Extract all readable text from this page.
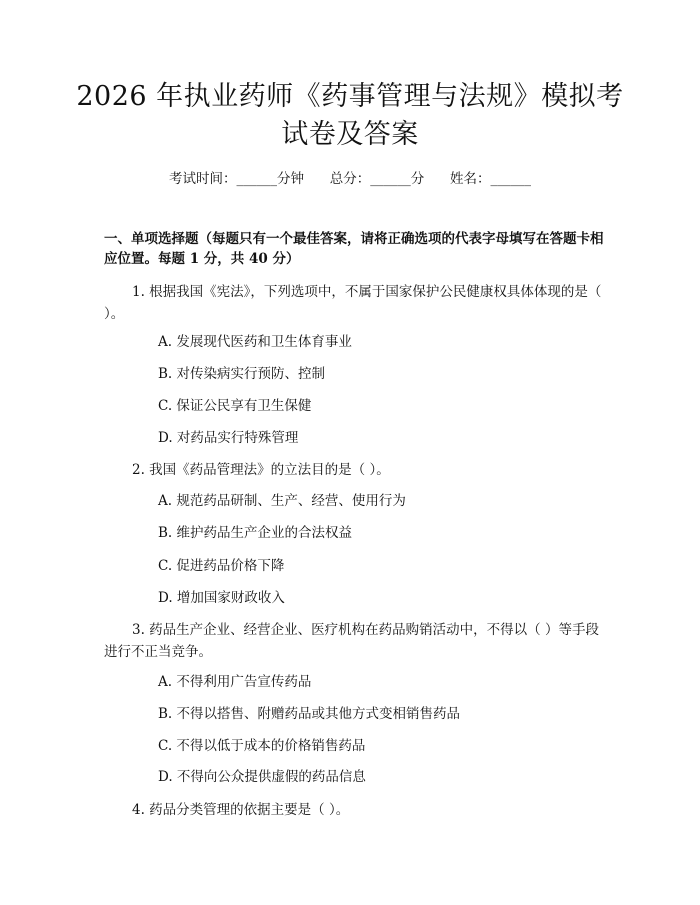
2026 年执业药师《药事管理与法规》模拟考
试卷及答案
考试时间：______分钟      总分：______分      姓名：______
一、单项选择题（每题只有一个最佳答案，请将正确选项的代表字母填写在答题卡相应位置。每题 1 分，共 40 分）
1. 根据我国《宪法》，下列选项中，不属于国家保护公民健康权具体体现的是（ ）。
A. 发展现代医药和卫生体育事业
B. 对传染病实行预防、控制
C. 保证公民享有卫生保健
D. 对药品实行特殊管理
2. 我国《药品管理法》的立法目的是（ ）。
A. 规范药品研制、生产、经营、使用行为
B. 维护药品生产企业的合法权益
C. 促进药品价格下降
D. 增加国家财政收入
3. 药品生产企业、经营企业、医疗机构在药品购销活动中，不得以（ ）等手段进行不正当竞争。
A. 不得利用广告宣传药品
B. 不得以搭售、附赠药品或其他方式变相销售药品
C. 不得以低于成本的价格销售药品
D. 不得向公众提供虚假的药品信息
4. 药品分类管理的依据主要是（ ）。
